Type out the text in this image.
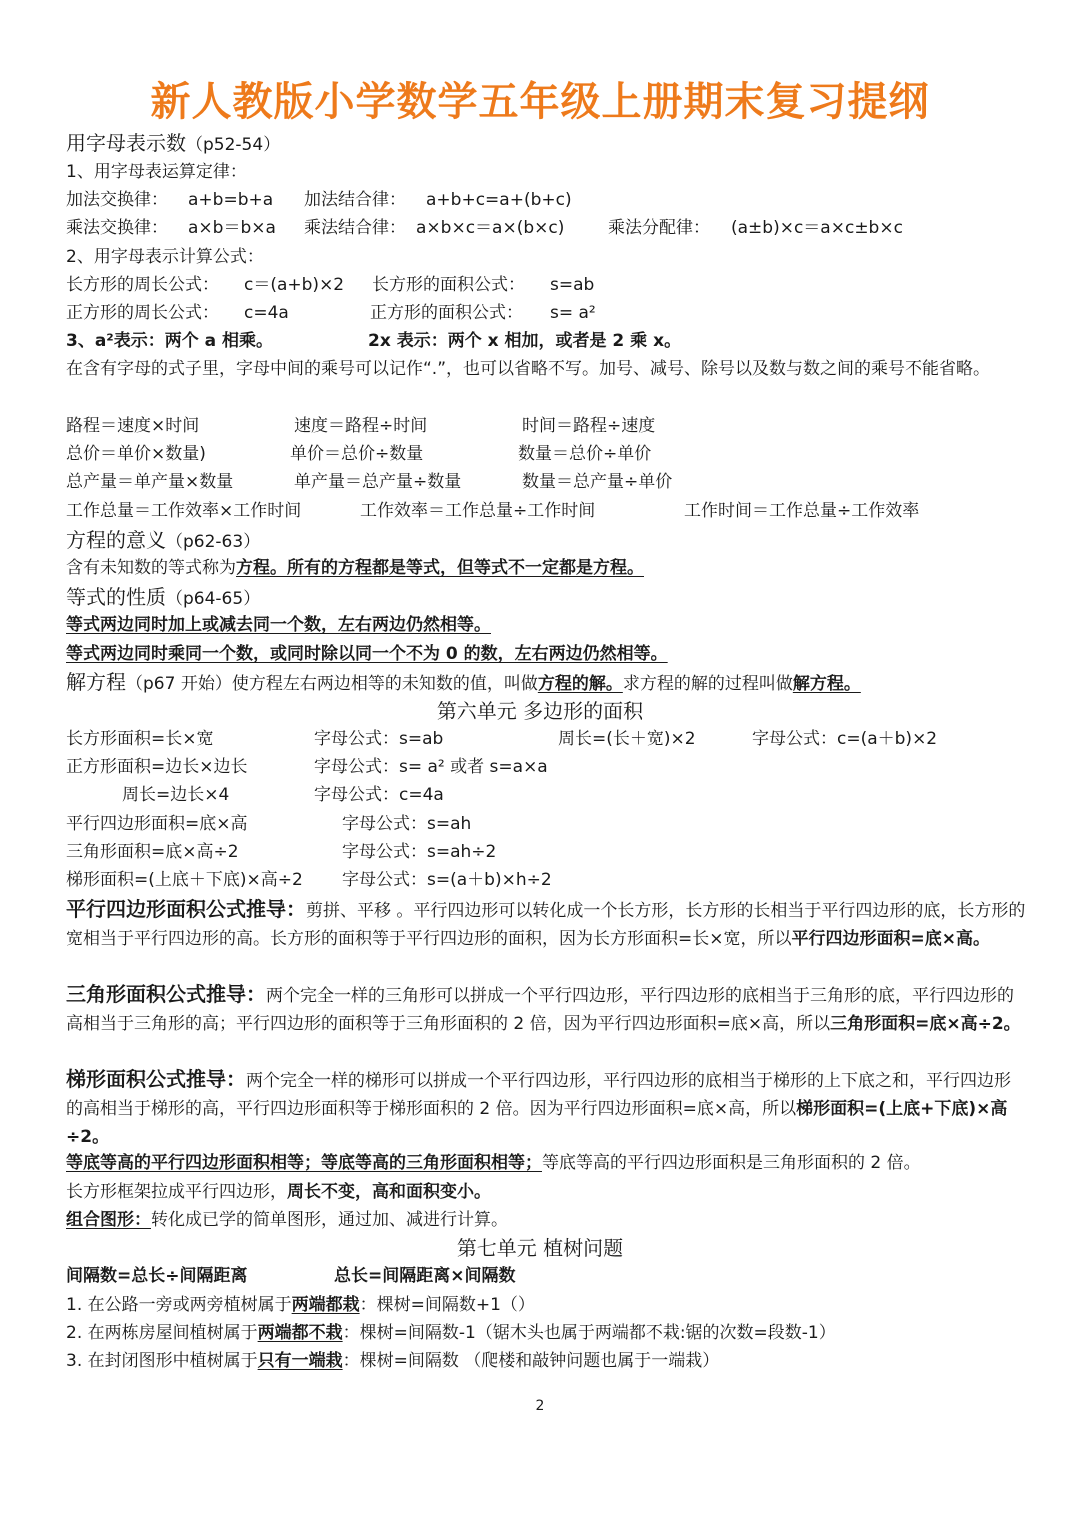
新人教版小学数学五年级上册期末复习提纲
用字母表示数（p52-54）
1、用字母表运算定律：
加法交换律： a+b=b+a 加法结合律： a+b+c=a+(b+c)
乘法交换律： a×b＝b×a 乘法结合律： a×b×c＝a×(b×c)	乘法分配律： (a±b)×c＝a×c±b×c
2、用字母表示计算公式：
长方形的周长公式： c＝(a+b)×2 长方形的面积公式： s=ab
正方形的周长公式： c=4a	正方形的面积公式： s= a²
3、a²表示：两个 a 相乘。	2x 表示：两个 x 相加，或者是 2 乘 x。
在含有字母的式子里，字母中间的乘号可以记作“.”，也可以省略不写。加号、减号、除号以及数与数之间的乘号不能省略。
路程＝速度×时间	速度＝路程÷时间	时间＝路程÷速度
总价＝单价×数量)	单价＝总价÷数量	数量＝总价÷单价
总产量＝单产量×数量	单产量＝总产量÷数量	数量＝总产量÷单价
工作总量＝工作效率×工作时间	工作效率＝工作总量÷工作时间	工作时间＝工作总量÷工作效率
方程的意义（p62-63）
含有未知数的等式称为方程。所有的方程都是等式，但等式不一定都是方程。
等式的性质（p64-65）
等式两边同时加上或减去同一个数，左右两边仍然相等。
等式两边同时乘同一个数，或同时除以同一个不为 0 的数，左右两边仍然相等。
解方程（p67 开始）使方程左右两边相等的未知数的值，叫做方程的解。求方程的解的过程叫做解方程。
第六单元 多边形的面积
长方形面积=长×宽	字母公式：s=ab	周长=(长＋宽)×2	字母公式：c=(a＋b)×2
正方形面积=边长×边长	字母公式：s= a² 或者 s=a×a
周长=边长×4	字母公式：c=4a
平行四边形面积=底×高	字母公式：s=ah
三角形面积=底×高÷2	字母公式：s=ah÷2
梯形面积=(上底＋下底)×高÷2 字母公式：s=(a＋b)×h÷2
平行四边形面积公式推导：剪拼、平移 。平行四边形可以转化成一个长方形，长方形的长相当于平行四边形的底，长方形的宽相当于平行四边形的高。长方形的面积等于平行四边形的面积，因为长方形面积=长×宽，所以平行四边形面积=底×高。
三角形面积公式推导：两个完全一样的三角形可以拼成一个平行四边形，平行四边形的底相当于三角形的底，平行四边形的高相当于三角形的高；平行四边形的面积等于三角形面积的 2 倍，因为平行四边形面积=底×高，所以三角形面积=底×高÷2。
梯形面积公式推导：两个完全一样的梯形可以拼成一个平行四边形，平行四边形的底相当于梯形的上下底之和，平行四边形的高相当于梯形的高，平行四边形面积等于梯形面积的 2 倍。因为平行四边形面积=底×高，所以梯形面积=(上底+下底)×高÷2。
等底等高的平行四边形面积相等；等底等高的三角形面积相等；等底等高的平行四边形面积是三角形面积的 2 倍。
长方形框架拉成平行四边形，周长不变，高和面积变小。
组合图形：转化成已学的简单图形，通过加、减进行计算。
第七单元 植树问题
间隔数=总长÷间隔距离	总长=间隔距离×间隔数
1. 在公路一旁或两旁植树属于两端都栽：棵树=间隔数+1（）
2. 在两栋房屋间植树属于两端都不栽：棵树=间隔数-1（锯木头也属于两端都不栽:锯的次数=段数-1）
3. 在封闭图形中植树属于只有一端栽：棵树=间隔数 （爬楼和敲钟问题也属于一端栽）
2
